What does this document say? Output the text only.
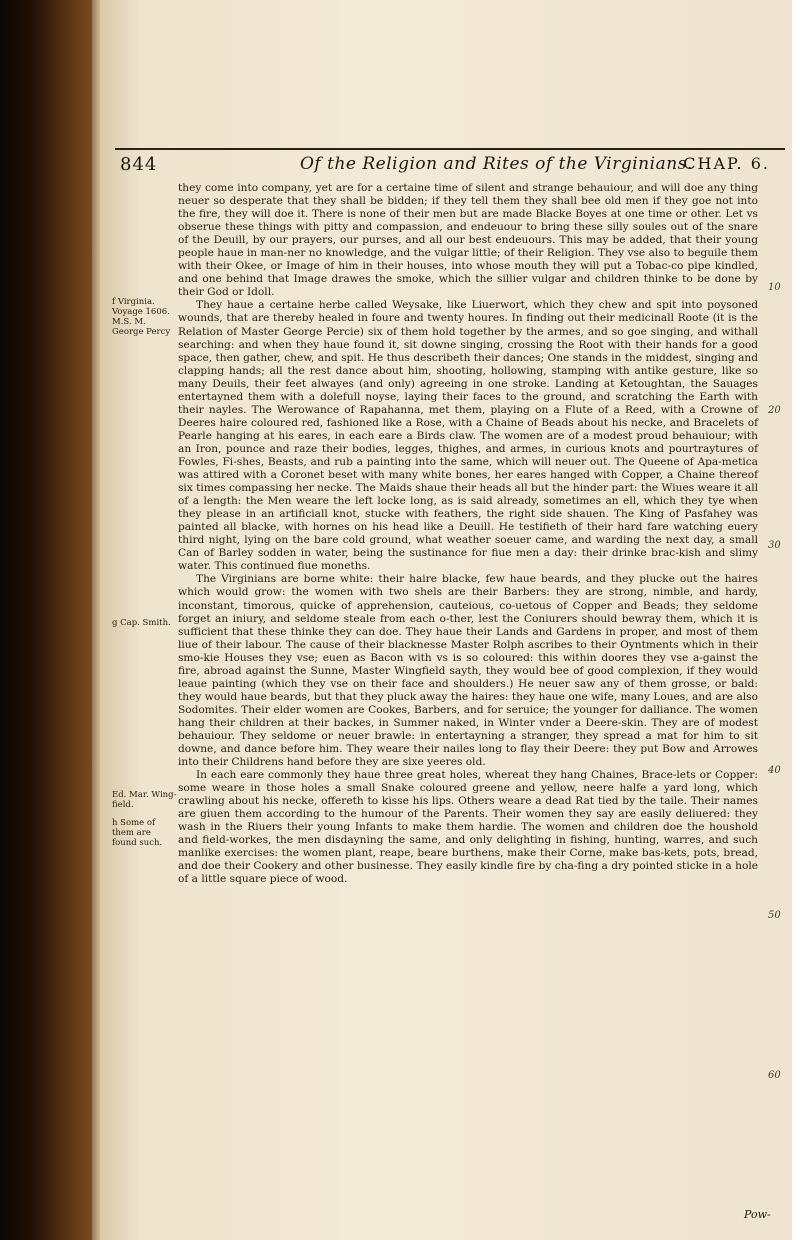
844	Of the Religion and Rites of the Virginians.
CHAP. 6.

they come into company, yet are for a certaine time of silent and strange behauiour, and will doe any thing neuer so desperate that they shall be bidden; if they tell them they shall bee old men if they goe not into the fire, they will doe it. There is none of their men but are made Blacke Boyes at one time or other. Let vs obserue these things with pitty and compassion, and endeuour to bring these silly soules out of the snare of the Deuill, by our prayers, our purses, and all our best endeuours. This may be added, that their young people haue in man-ner no knowledge, and the vulgar little; of their Religion. They vse also to beguile them with their Okee, or Image of him in their houses, into whose mouth they will put a Tobac-co pipe kindled, and one behind that Image drawes the smoke, which the sillier vulgar and children thinke to be done by their God or Idoll.

They haue a certaine herbe called Weysake, like Liuerwort, which they chew and spit into poysoned wounds, that are thereby healed in foure and twenty houres. In finding out their medicinall Roote (it is the Relation of Master George Percie) six of them hold together by the armes, and so goe singing, and withall searching: and when they haue found it, sit downe singing, crossing the Root with their hands for a good space, then gather, chew, and spit. He thus describeth their dances; One stands in the middest, singing and clapping hands; all the rest dance about him, shooting, hollowing, stamping with antike gesture, like so many Deuils, their feet alwayes (and only) agreeing in one stroke. Landing at Ketoughtan, the Sauages entertayned them with a dolefull noyse, laying their faces to the ground, and scratching the Earth with their nayles. The Werowance of Rapahanna, met them, playing on a Flute of a Reed, with a Crowne of Deeres haire coloured red, fashioned like a Rose, with a Chaine of Beads about his necke, and Bracelets of Pearle hanging at his eares, in each eare a Birds claw. The women are of a modest proud behauiour; with an Iron, pounce and raze their bodies, legges, thighes, and armes, in curious knots and pourtraytures of Fowles, Fi-shes, Beasts, and rub a painting into the same, which will neuer out. The Queene of Apa-metica was attired with a Coronet beset with many white bones, her eares hanged with Copper, a Chaine thereof six times compassing her necke. The Maids shaue their heads all but the hinder part: the Wiues weare it all of a length: the Men weare the left locke long, as is said already, sometimes an ell, which they tye when they please in an artificiall knot, stucke with feathers, the right side shauen. The King of Pasfahey was painted all blacke, with hornes on his head like a Deuill. He testifieth of their hard fare watching euery third night, lying on the bare cold ground, what weather soeuer came, and warding the next day, a small Can of Barley sodden in water, being the sustinance for fiue men a day: their drinke brac-kish and slimy water. This continued fiue moneths.

The Virginians are borne white: their haire blacke, few haue beards, and they plucke out the haires which would grow: the women with two shels are their Barbers: they are strong, nimble, and hardy, inconstant, timorous, quicke of apprehension, cauteious, co-uetous of Copper and Beads; they seldome forget an iniury, and seldome steale from each o-ther, lest the Coniurers should bewray them, which it is sufficient that these thinke they can doe. They haue their Lands and Gardens in proper, and most of them liue of their labour. The cause of their blacknesse Master Rolph ascribes to their Oyntments which in their smo-kie Houses they vse; euen as Bacon with vs is so coloured: this within doores they vse a-gainst the fire, abroad against the Sunne, Master Wingfield sayth, they would bee of good complexion, if they would leaue painting (which they vse on their face and shoulders.) He neuer saw any of them grosse, or bald: they would haue beards, but that they pluck away the haires: they haue one wife, many Loues, and are also Sodomites. Their elder women are Cookes, Barbers, and for seruice; the younger for dalliance. The women hang their children at their backes, in Summer naked, in Winter vnder a Deere-skin. They are of modest behauiour. They seldome or neuer brawle: in entertayning a stranger, they spread a mat for him to sit downe, and dance before him. They weare their nailes long to flay their Deere: they put Bow and Arrowes into their Childrens hand before they are sixe yeeres old.

In each eare commonly they haue three great holes, whereat they hang Chaines, Brace-lets or Copper: some weare in those holes a small Snake coloured greene and yellow, neere halfe a yard long, which crawling about his necke, offereth to kisse his lips. Others weare a dead Rat tied by the taile. Their names are giuen them according to the humour of the Parents. Their women they say are easily deliuered: they wash in the Riuers their young Infants to make them hardie. The women and children doe the houshold and field-workes, the men disdayning the same, and only delighting in fishing, hunting, warres, and such manlike exercises: the women plant, reape, beare burthens, make their Corne, make bas-kets, pots, bread, and doe their Cookery and other businesse. They easily kindle fire by cha-fing a dry pointed sticke in a hole of a little square piece of wood.

f Virginia. Voyage 1606. M.S. M. George Percy
g Cap. Smith.
Ed. Mar. Wing-field.
h Some of them are found such.
10
20
30
40
50
60
Pow-
